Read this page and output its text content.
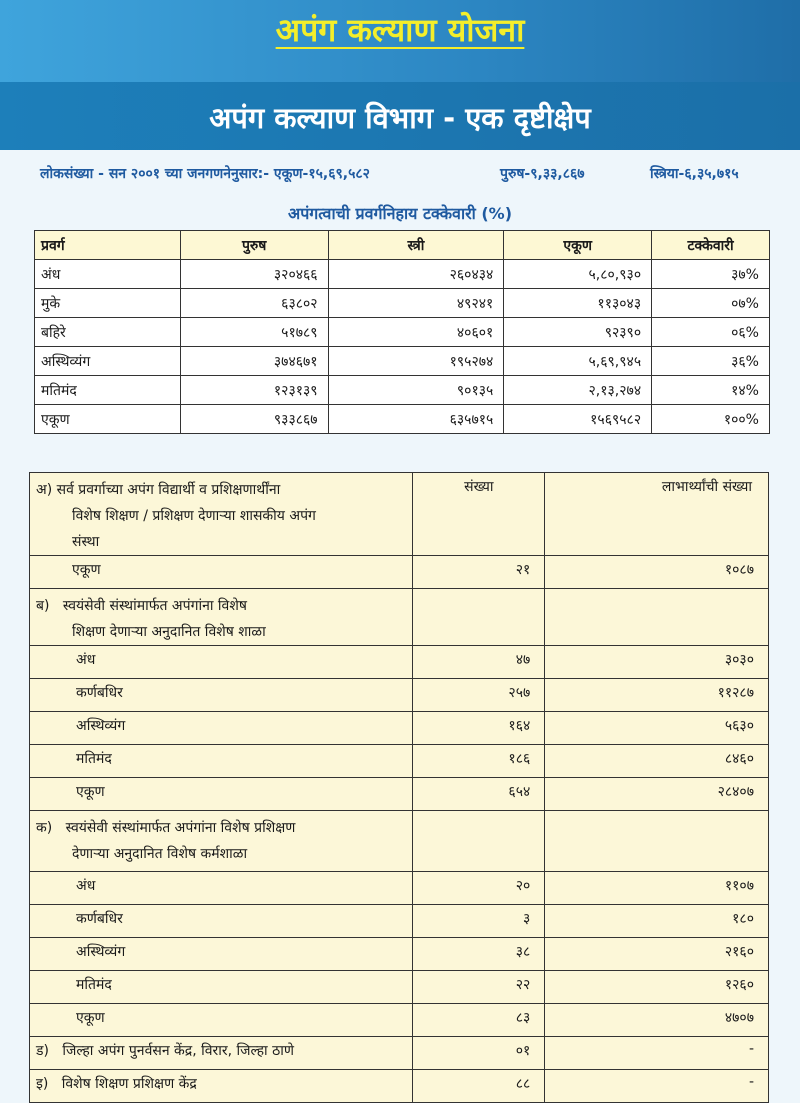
अपंग कल्याण योजना
अपंग कल्याण विभाग - एक दृष्टीक्षेप
लोकसंख्या - सन २००१ च्या जनगणनेनुसार:- एकूण-१५,६९,५८२	पुरुष-९,३३,८६७	स्त्रिया-६,३५,७१५
अपंगत्वाची प्रवर्गनिहाय टक्केवारी (%)
प्रवर्ग	पुरुष	स्त्री	एकूण	टक्केवारी
अंध	३२०४६६	२६०४३४	५,८०,९३०	३७%
मुके	६३८०२	४९२४१	११३०४३	०७%
बहिरे	५१७८९	४०६०१	९२३९०	०६%
अस्थिव्यंग	३७४६७१	१९५२७४	५,६९,९४५	३६%
मतिमंद	१२३१३९	९०१३५	२,१३,२७४	१४%
एकूण	९३३८६७	६३५७१५	१५६९५८२	१००%
अ) सर्व प्रवर्गाच्या अपंग विद्यार्थी व प्रशिक्षणार्थींना
विशेष शिक्षण / प्रशिक्षण देणाऱ्या शासकीय अपंग
संस्था	संख्या	लाभार्थ्यांची संख्या

एकूण	२१	१०८७

ब) स्वयंसेवी संस्थांमार्फत अपंगांना विशेष
शिक्षण देणाऱ्या अनुदानित विशेष शाळा		

अंध	४७	३०३०

कर्णबधिर	२५७	११२८७

अस्थिव्यंग	१६४	५६३०

मतिमंद	१८६	८४६०

एकूण	६५४	२८४०७

क) स्वयंसेवी संस्थांमार्फत अपंगांना विशेष प्रशिक्षण
देणाऱ्या अनुदानित विशेष कर्मशाळा		

अंध	२०	११०७

कर्णबधिर	३	१८०

अस्थिव्यंग	३८	२१६०

मतिमंद	२२	१२६०

एकूण	८३	४७०७
ड) जिल्हा अपंग पुनर्वसन केंद्र, विरार, जिल्हा ठाणे	०१	-
इ) विशेष शिक्षण प्रशिक्षण केंद्र	८८	-
